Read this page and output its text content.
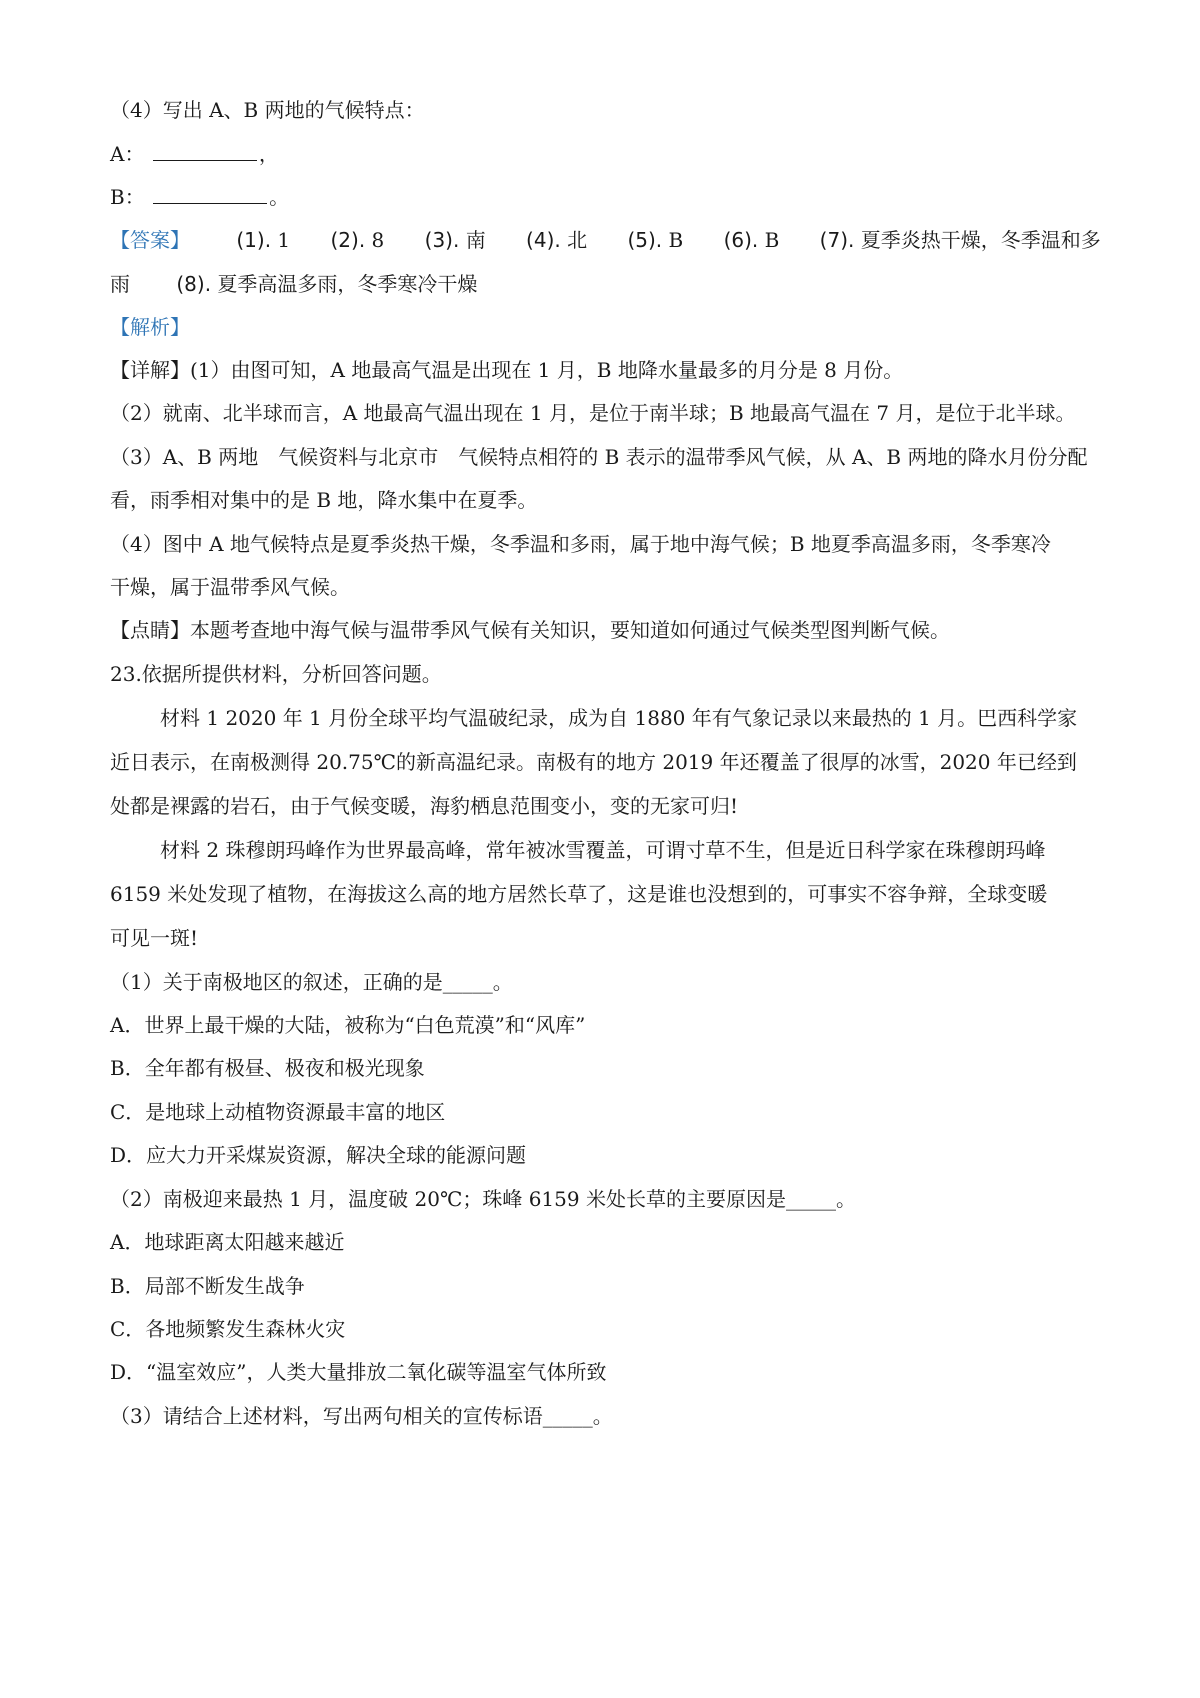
（4）写出 A、B 两地的气候特点：
A：	，
B：	。
【答案】 (1). 1 (2). 8 (3). 南 (4). 北 (5). B (6). B (7). 夏季炎热干燥，冬季温和多
雨 (8). 夏季高温多雨，冬季寒冷干燥
【解析】
【详解】(1）由图可知，A 地最高气温是出现在 1 月，B 地降水量最多的月分是 8 月份。
（2）就南、北半球而言，A 地最高气温出现在 1 月，是位于南半球；B 地最高气温在 7 月，是位于北半球。
（3）A、B 两地　气候资料与北京市　气候特点相符的 B 表示的温带季风气候，从 A、B 两地的降水月份分配
看，雨季相对集中的是 B 地，降水集中在夏季。
（4）图中 A 地气候特点是夏季炎热干燥，冬季温和多雨，属于地中海气候；B 地夏季高温多雨，冬季寒冷
干燥，属于温带季风气候。
【点睛】本题考查地中海气候与温带季风气候有关知识，要知道如何通过气候类型图判断气候。
23.依据所提供材料，分析回答问题。
材料 1 2020 年 1 月份全球平均气温破纪录，成为自 1880 年有气象记录以来最热的 1 月。巴西科学家
近日表示，在南极测得 20.75℃的新高温纪录。南极有的地方 2019 年还覆盖了很厚的冰雪，2020 年已经到
处都是裸露的岩石，由于气候变暖，海豹栖息范围变小，变的无家可归!
材料 2 珠穆朗玛峰作为世界最高峰，常年被冰雪覆盖，可谓寸草不生，但是近日科学家在珠穆朗玛峰
6159 米处发现了植物，在海拔这么高的地方居然长草了，这是谁也没想到的，可事实不容争辩，全球变暖
可见一斑!
（1）关于南极地区的叙述，正确的是_____。
A．世界上最干燥的大陆，被称为“白色荒漠”和“风库”
B．全年都有极昼、极夜和极光现象
C．是地球上动植物资源最丰富的地区
D．应大力开采煤炭资源，解决全球的能源问题
（2）南极迎来最热 1 月，温度破 20℃；珠峰 6159 米处长草的主要原因是_____。
A．地球距离太阳越来越近
B．局部不断发生战争
C．各地频繁发生森林火灾
D．“温室效应”，人类大量排放二氧化碳等温室气体所致
（3）请结合上述材料，写出两句相关的宣传标语_____。
